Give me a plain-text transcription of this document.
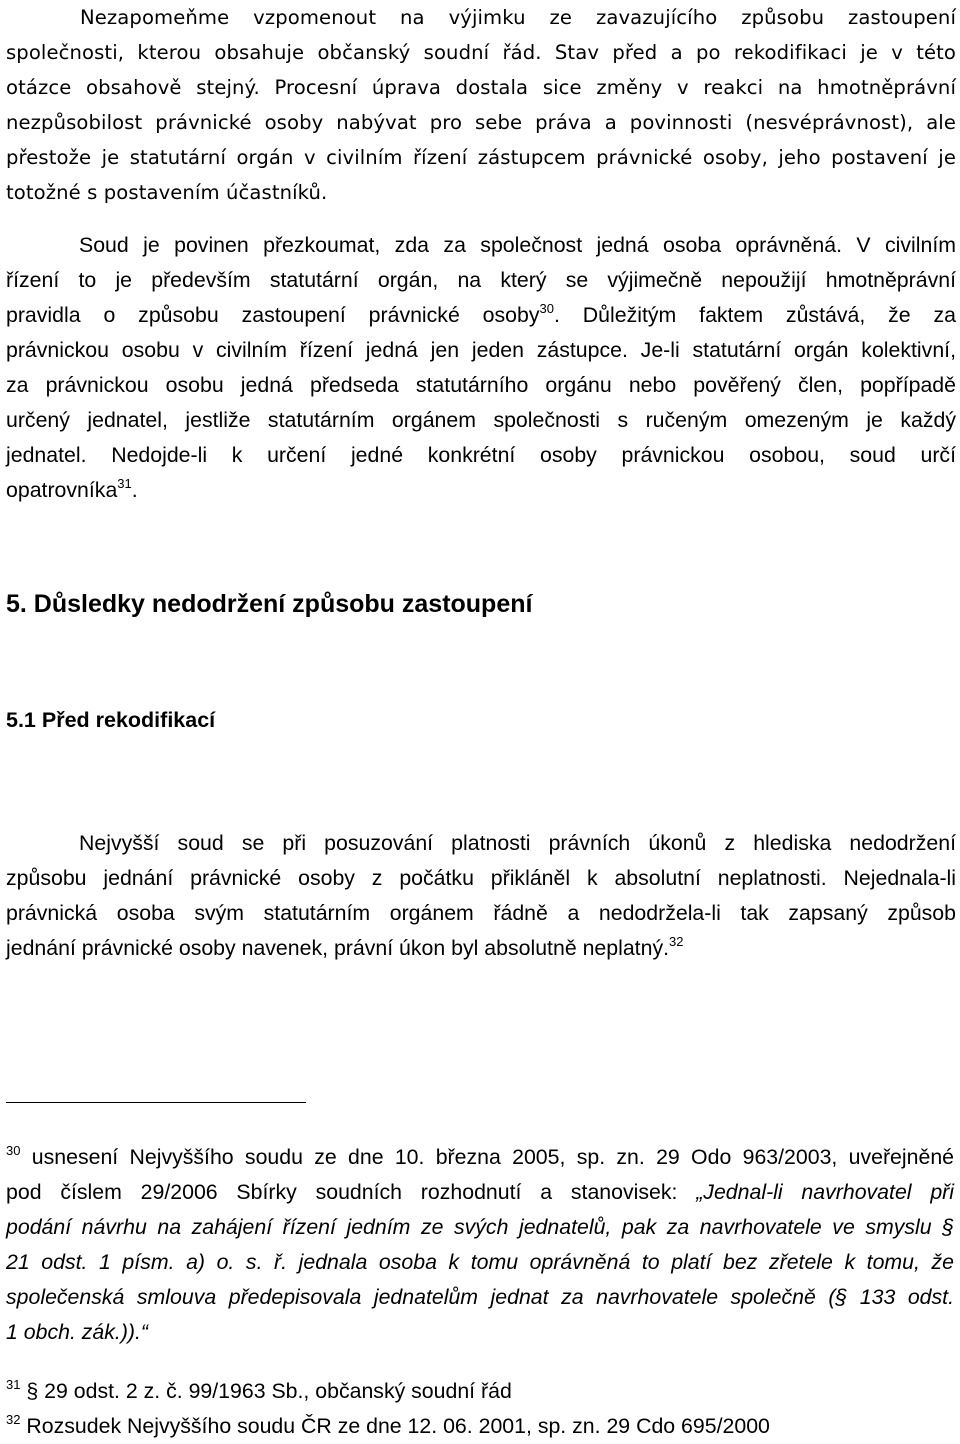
Nezapomeňme vzpomenout na výjimku ze zavazujícího způsobu zastoupení
společnosti, kterou obsahuje občanský soudní řád. Stav před a po rekodifikaci je v této
otázce obsahově stejný. Procesní úprava dostala sice změny v reakci na hmotněprávní
nezpůsobilost právnické osoby nabývat pro sebe práva a povinnosti (nesvéprávnost), ale
přestože je statutární orgán v civilním řízení zástupcem právnické osoby, jeho postavení je
totožné s postavením účastníků.
Soud je povinen přezkoumat, zda za společnost jedná osoba oprávněná. V civilním
řízení to je především statutární orgán, na který se výjimečně nepoužijí hmotněprávní
pravidla o způsobu zastoupení právnické osoby$^{30}$. Důležitým faktem zůstává, že za
právnickou osobu v civilním řízení jedná jen jeden zástupce. Je-li statutární orgán kolektivní,
za právnickou osobu jedná předseda statutárního orgánu nebo pověřený člen, popřípadě
určený jednatel, jestliže statutárním orgánem společnosti s ručeným omezeným je každý
jednatel. Nedojde-li k určení jedné konkrétní osoby právnickou osobou, soud určí
opatrovníka$^{31}$.
5. Důsledky nedodržení způsobu zastoupení
5.1 Před rekodifikací
Nejvyšší soud se při posuzování platnosti právních úkonů z hlediska nedodržení
způsobu jednání právnické osoby z počátku přikláněl k absolutní neplatnosti. Nejednala-li
právnická osoba svým statutárním orgánem řádně a nedodržela-li tak zapsaný způsob
jednání právnické osoby navenek, právní úkon byl absolutně neplatný.$^{32}$
$^{30}$ usnesení Nejvyššího soudu ze dne 10. března 2005, sp. zn. 29 Odo 963/2003, uveřejněné
pod číslem 29/2006 Sbírky soudních rozhodnutí a stanovisek: „Jednal-li navrhovatel při
podání návrhu na zahájení řízení jedním ze svých jednatelů, pak za navrhovatele ve smyslu §
21 odst. 1 písm. a) o. s. ř. jednala osoba k tomu oprávněná to platí bez zřetele k tomu, že
společenská smlouva předepisovala jednatelům jednat za navrhovatele společně (§ 133 odst.
1 obch. zák.)).“

$^{31}$ § 29 odst. 2 z. č. 99/1963 Sb., občanský soudní řád

$^{32}$ Rozsudek Nejvyššího soudu ČR ze dne 12. 06. 2001, sp. zn. 29 Cdo 695/2000
